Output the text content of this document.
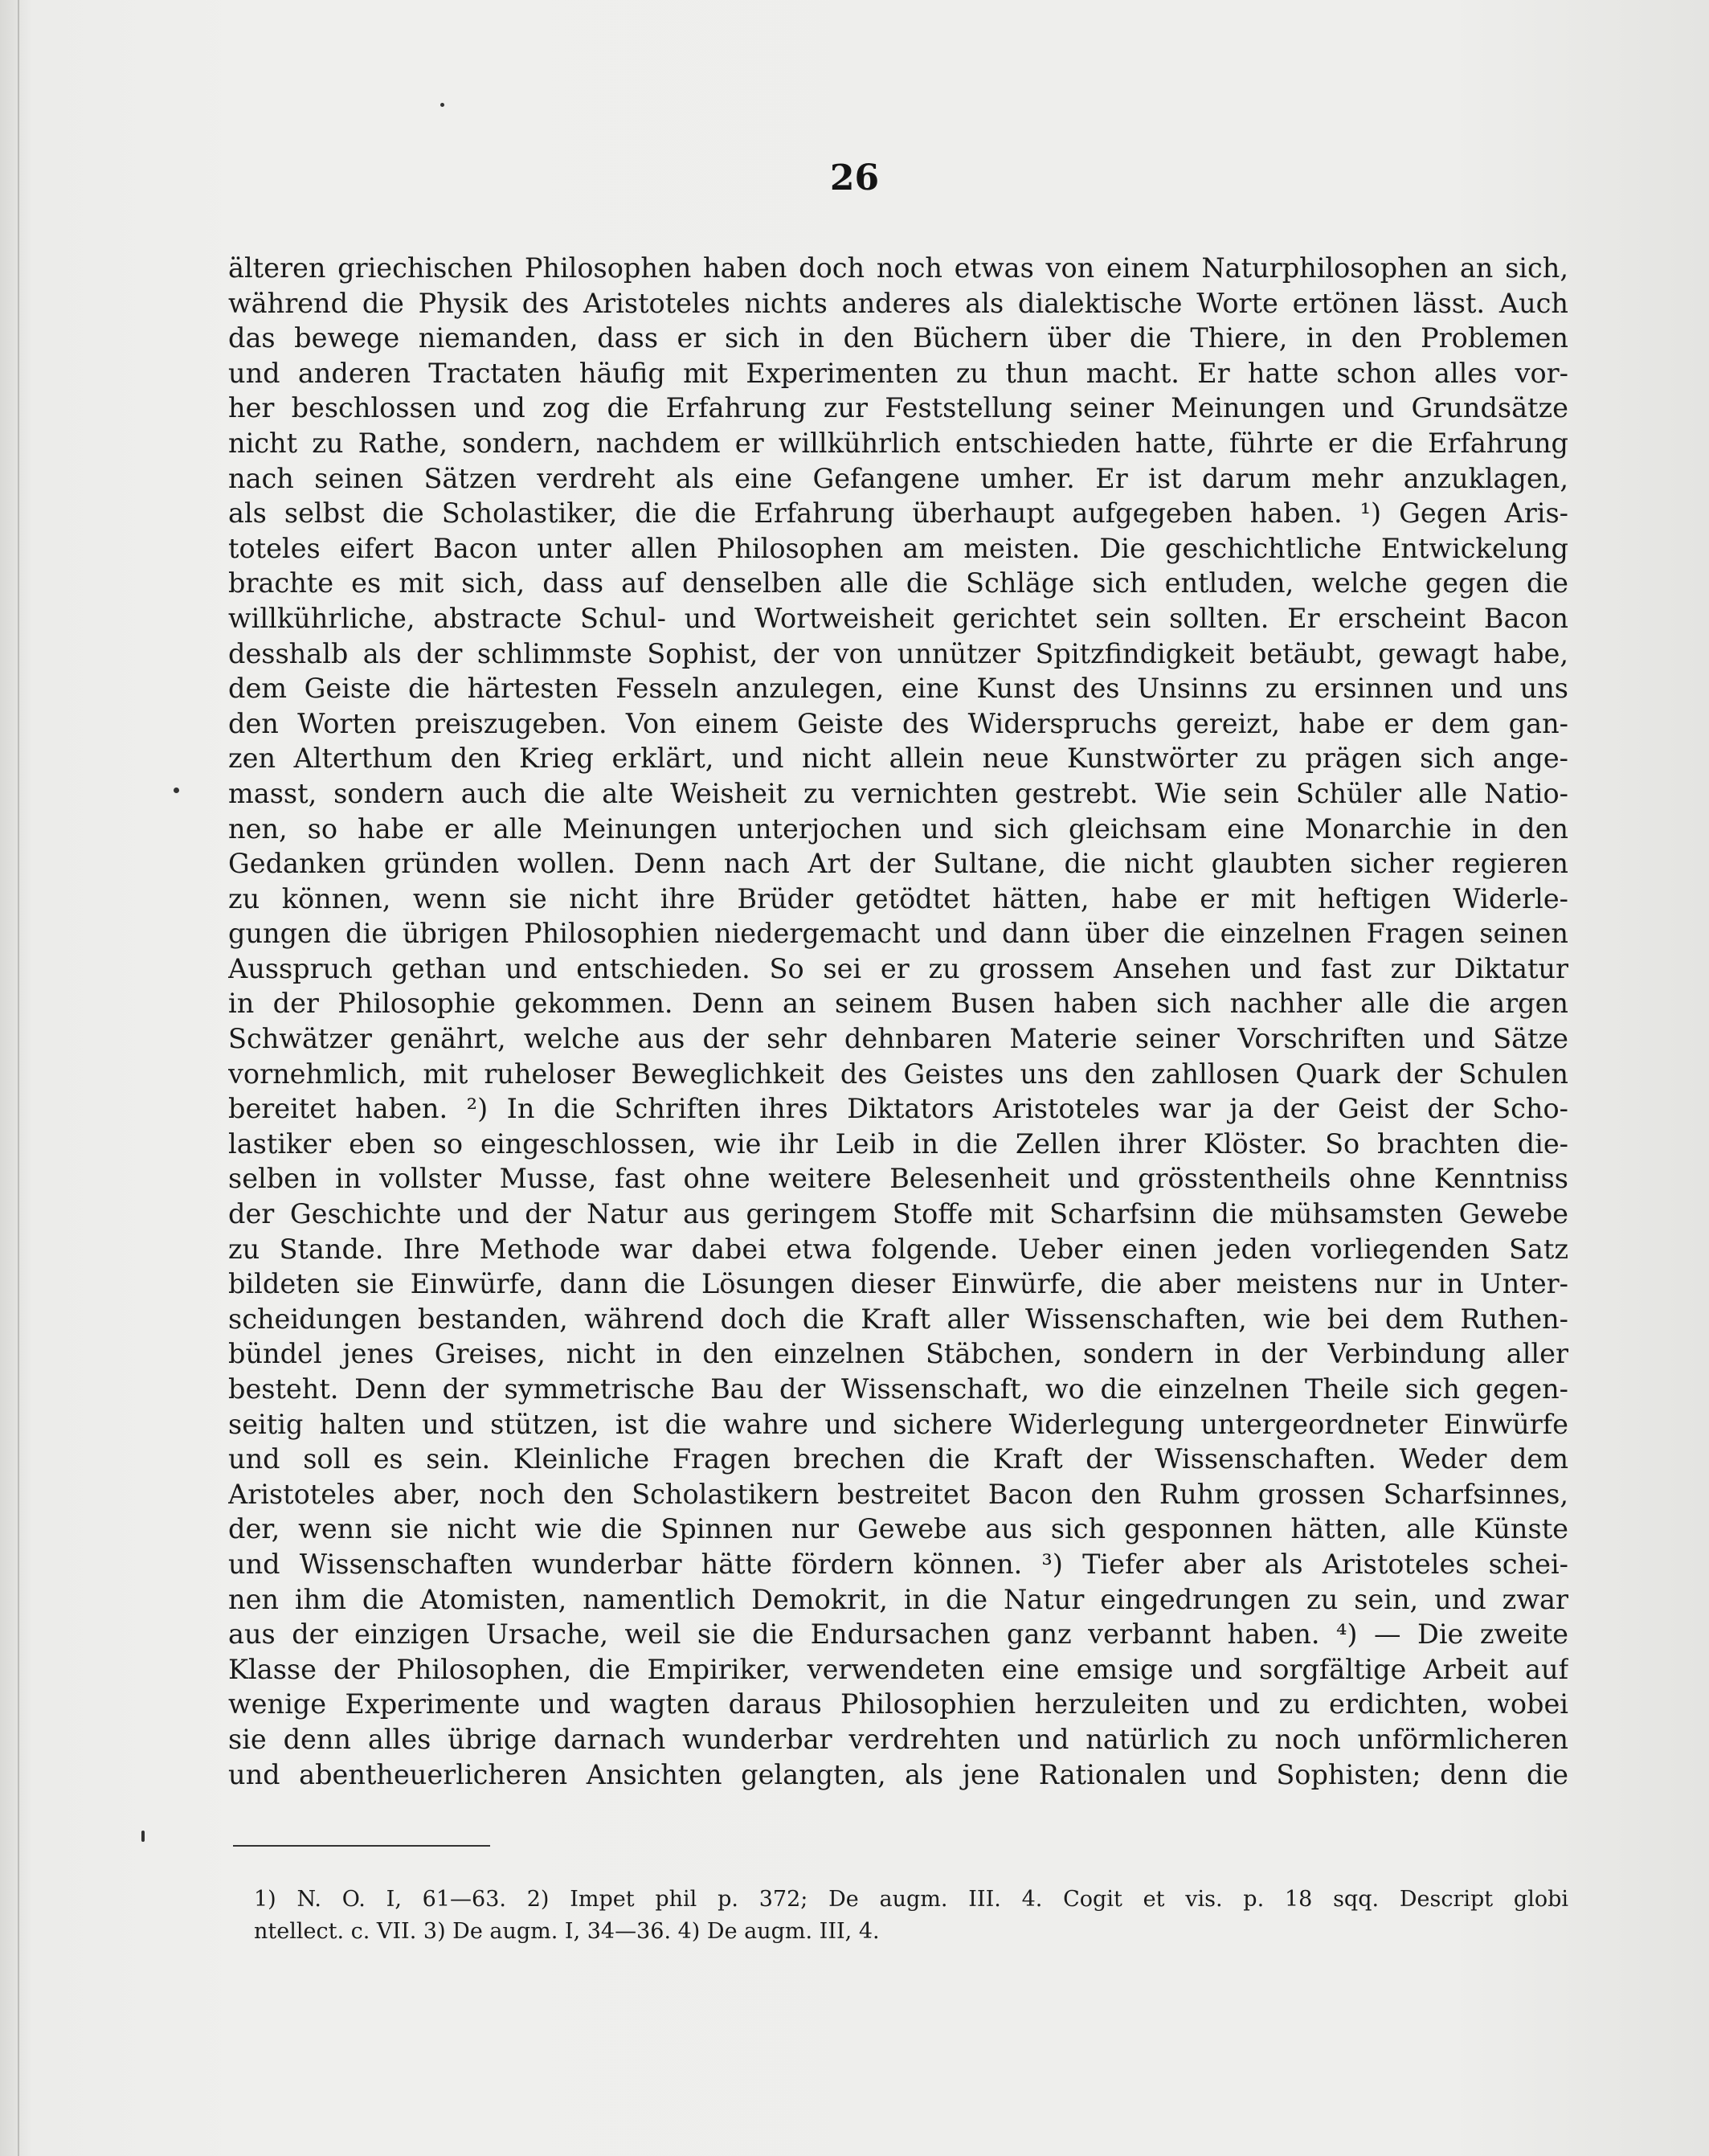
26
älteren griechischen Philosophen haben doch noch etwas von einem Naturphilosophen an sich,
während die Physik des Aristoteles nichts anderes als dialektische Worte ertönen lässt. Auch
das bewege niemanden, dass er sich in den Büchern über die Thiere, in den Problemen
und anderen Tractaten häufig mit Experimenten zu thun macht. Er hatte schon alles vor-
her beschlossen und zog die Erfahrung zur Feststellung seiner Meinungen und Grundsätze
nicht zu Rathe, sondern, nachdem er willkührlich entschieden hatte, führte er die Erfahrung
nach seinen Sätzen verdreht als eine Gefangene umher. Er ist darum mehr anzuklagen,
als selbst die Scholastiker, die die Erfahrung überhaupt aufgegeben haben. ¹) Gegen Aris-
toteles eifert Bacon unter allen Philosophen am meisten. Die geschichtliche Entwickelung
brachte es mit sich, dass auf denselben alle die Schläge sich entluden, welche gegen die
willkührliche, abstracte Schul- und Wortweisheit gerichtet sein sollten. Er erscheint Bacon
desshalb als der schlimmste Sophist, der von unnützer Spitzfindigkeit betäubt, gewagt habe,
dem Geiste die härtesten Fesseln anzulegen, eine Kunst des Unsinns zu ersinnen und uns
den Worten preiszugeben. Von einem Geiste des Widerspruchs gereizt, habe er dem gan-
zen Alterthum den Krieg erklärt, und nicht allein neue Kunstwörter zu prägen sich ange-
masst, sondern auch die alte Weisheit zu vernichten gestrebt. Wie sein Schüler alle Natio-
nen, so habe er alle Meinungen unterjochen und sich gleichsam eine Monarchie in den
Gedanken gründen wollen. Denn nach Art der Sultane, die nicht glaubten sicher regieren
zu können, wenn sie nicht ihre Brüder getödtet hätten, habe er mit heftigen Widerle-
gungen die übrigen Philosophien niedergemacht und dann über die einzelnen Fragen seinen
Ausspruch gethan und entschieden. So sei er zu grossem Ansehen und fast zur Diktatur
in der Philosophie gekommen. Denn an seinem Busen haben sich nachher alle die argen
Schwätzer genährt, welche aus der sehr dehnbaren Materie seiner Vorschriften und Sätze
vornehmlich, mit ruheloser Beweglichkeit des Geistes uns den zahllosen Quark der Schulen
bereitet haben. ²) In die Schriften ihres Diktators Aristoteles war ja der Geist der Scho-
lastiker eben so eingeschlossen, wie ihr Leib in die Zellen ihrer Klöster. So brachten die-
selben in vollster Musse, fast ohne weitere Belesenheit und grösstentheils ohne Kenntniss
der Geschichte und der Natur aus geringem Stoffe mit Scharfsinn die mühsamsten Gewebe
zu Stande. Ihre Methode war dabei etwa folgende. Ueber einen jeden vorliegenden Satz
bildeten sie Einwürfe, dann die Lösungen dieser Einwürfe, die aber meistens nur in Unter-
scheidungen bestanden, während doch die Kraft aller Wissenschaften, wie bei dem Ruthen-
bündel jenes Greises, nicht in den einzelnen Stäbchen, sondern in der Verbindung aller
besteht. Denn der symmetrische Bau der Wissenschaft, wo die einzelnen Theile sich gegen-
seitig halten und stützen, ist die wahre und sichere Widerlegung untergeordneter Einwürfe
und soll es sein. Kleinliche Fragen brechen die Kraft der Wissenschaften. Weder dem
Aristoteles aber, noch den Scholastikern bestreitet Bacon den Ruhm grossen Scharfsinnes,
der, wenn sie nicht wie die Spinnen nur Gewebe aus sich gesponnen hätten, alle Künste
und Wissenschaften wunderbar hätte fördern können. ³) Tiefer aber als Aristoteles schei-
nen ihm die Atomisten, namentlich Demokrit, in die Natur eingedrungen zu sein, und zwar
aus der einzigen Ursache, weil sie die Endursachen ganz verbannt haben. ⁴) — Die zweite
Klasse der Philosophen, die Empiriker, verwendeten eine emsige und sorgfältige Arbeit auf
wenige Experimente und wagten daraus Philosophien herzuleiten und zu erdichten, wobei
sie denn alles übrige darnach wunderbar verdrehten und natürlich zu noch unförmlicheren
und abentheuerlicheren Ansichten gelangten, als jene Rationalen und Sophisten; denn die
1) N. O. I, 61—63. 2) Impet phil p. 372; De augm. III. 4. Cogit et vis. p. 18 sqq. Descript globi
ntellect. c. VII. 3) De augm. I, 34—36. 4) De augm. III, 4.
